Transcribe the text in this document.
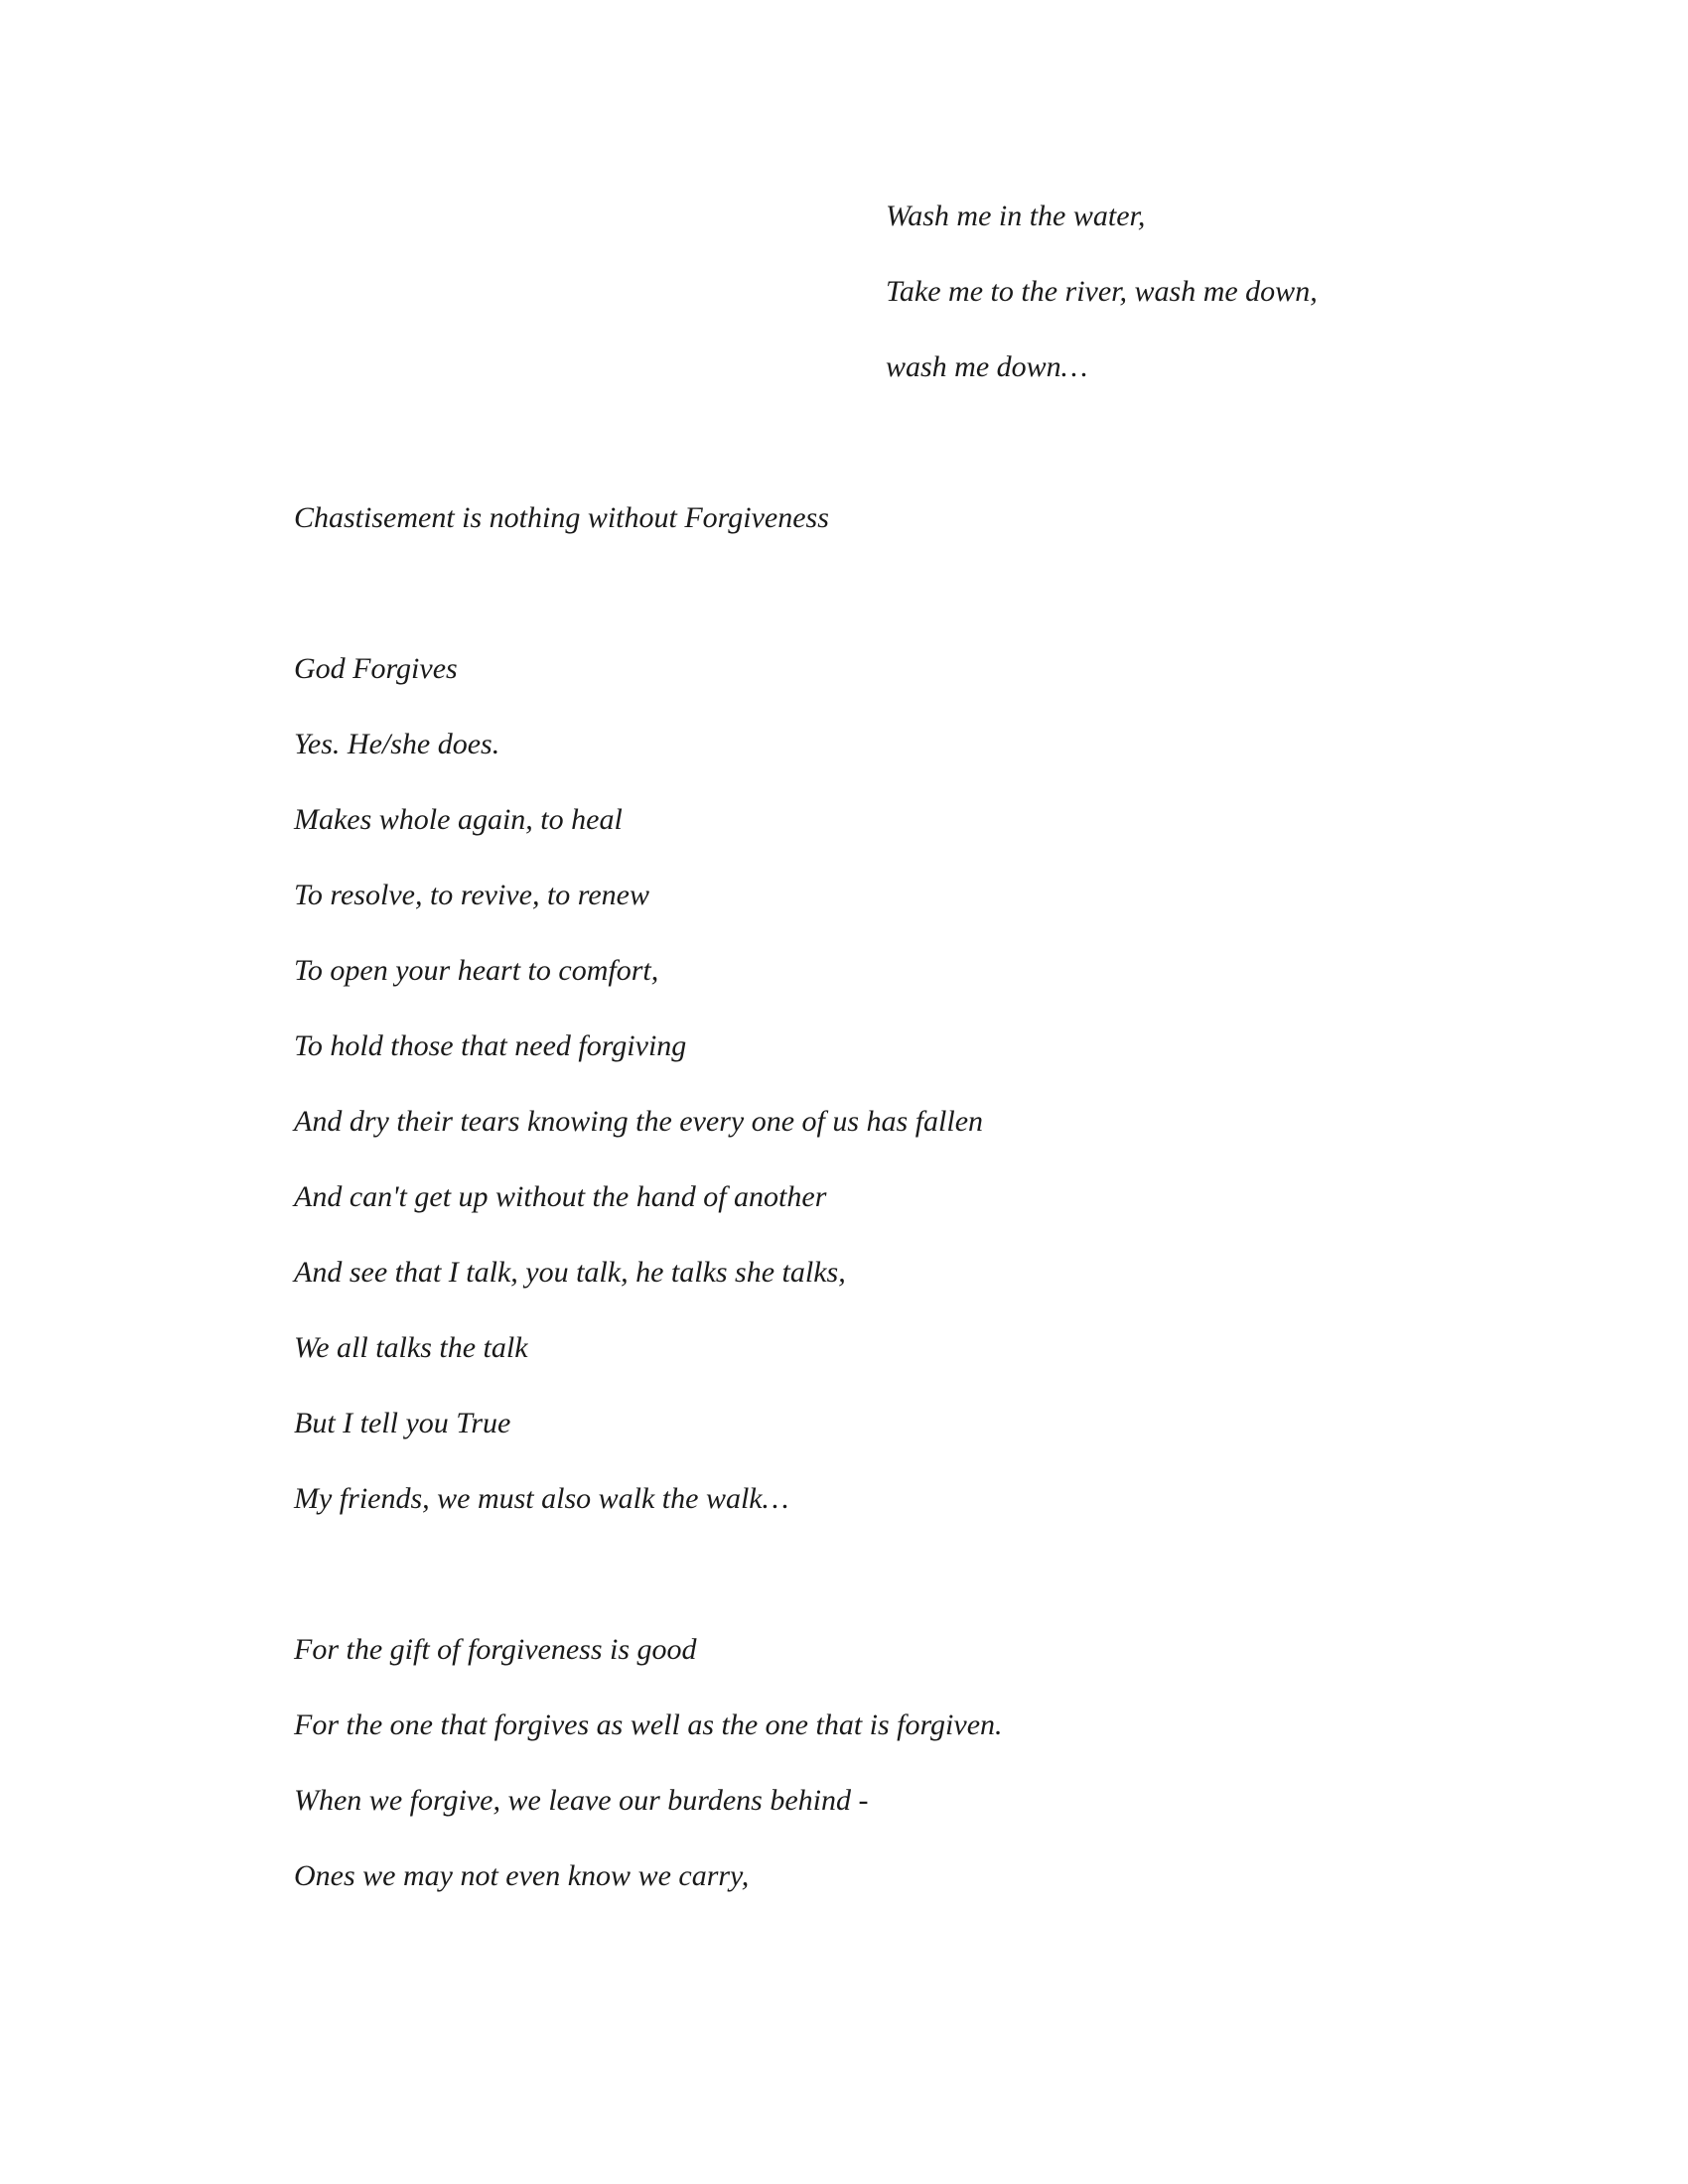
Wash me in the water,

Take me to the river, wash me down,

wash me down…

Chastisement is nothing without Forgiveness

God Forgives

Yes. He/she does.

Makes whole again, to heal

To resolve, to revive, to renew

To open your heart to comfort,

To hold those that need forgiving

And dry their tears knowing the every one of us has fallen

And can't get up without the hand of another

And see that I talk, you talk, he talks she talks,

We all talks the talk

But I tell you True

My friends, we must also walk the walk…

For the gift of forgiveness is good

For the one that forgives as well as the one that is forgiven.

When we forgive, we leave our burdens behind -

Ones we may not even know we carry,
